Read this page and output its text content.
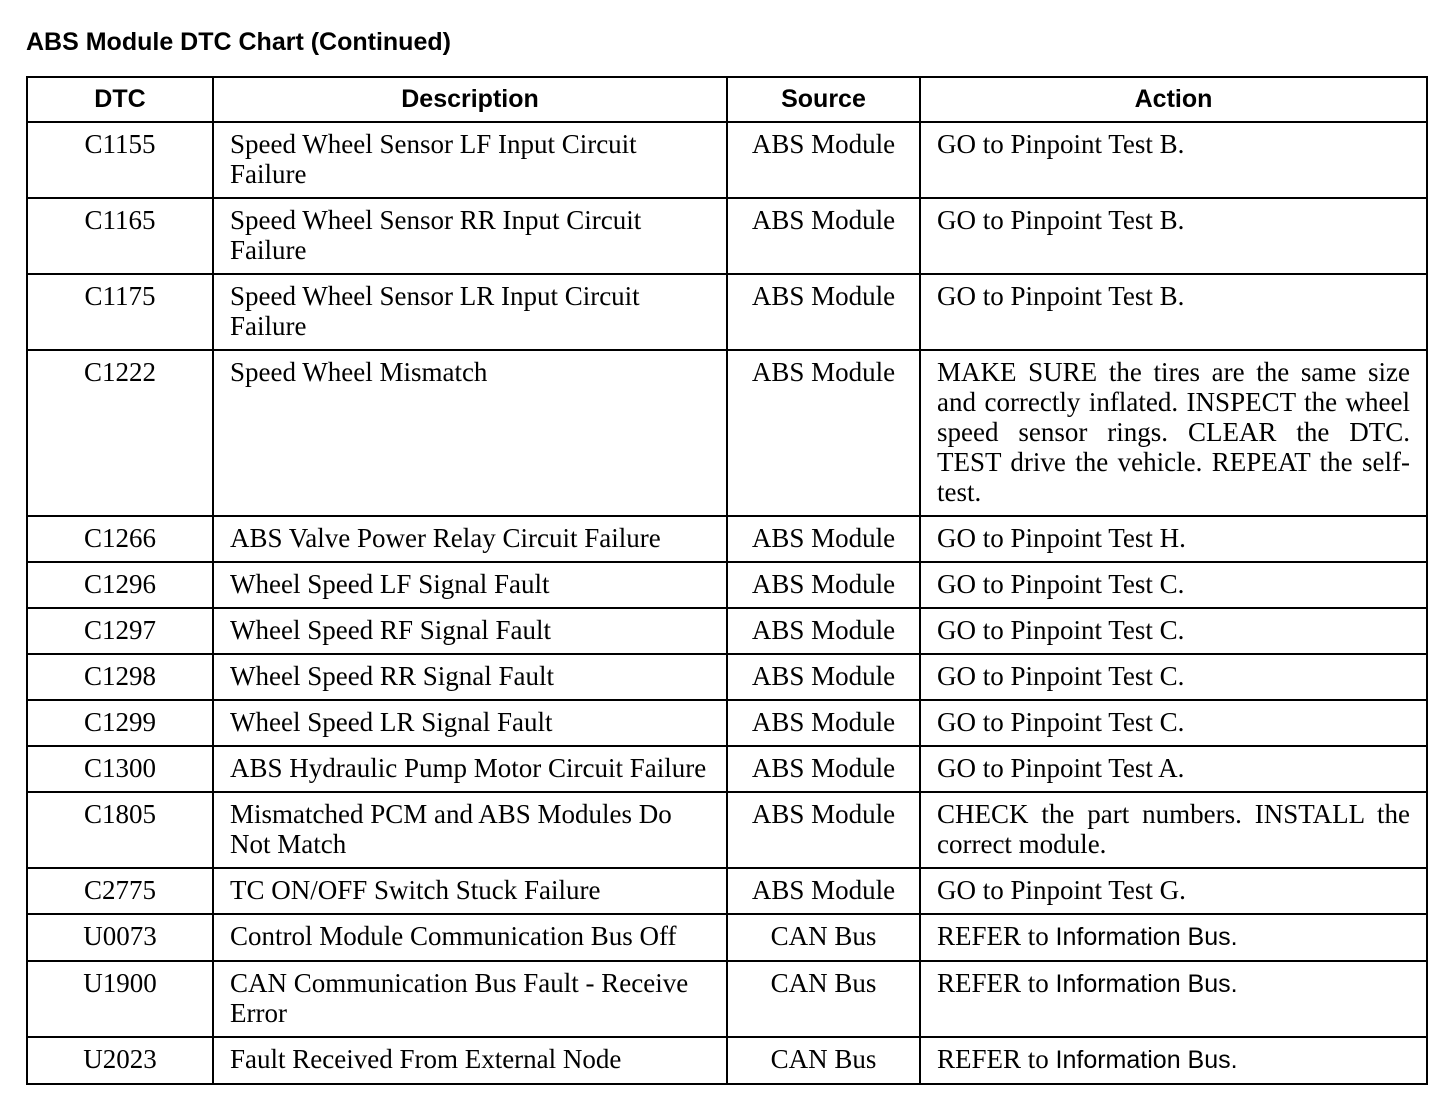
ABS Module DTC Chart (Continued)
DTC	Description	Source	Action
C1155	Speed Wheel Sensor LF Input Circuit Failure	ABS Module	GO to Pinpoint Test B.
C1165	Speed Wheel Sensor RR Input Circuit Failure	ABS Module	GO to Pinpoint Test B.
C1175	Speed Wheel Sensor LR Input Circuit Failure	ABS Module	GO to Pinpoint Test B.
C1222	Speed Wheel Mismatch	ABS Module	MAKE SURE the tires are the same size and correctly inflated. INSPECT the wheel speed sensor rings. CLEAR the DTC. TEST drive the vehicle. REPEAT the self-test.
C1266	ABS Valve Power Relay Circuit Failure	ABS Module	GO to Pinpoint Test H.
C1296	Wheel Speed LF Signal Fault	ABS Module	GO to Pinpoint Test C.
C1297	Wheel Speed RF Signal Fault	ABS Module	GO to Pinpoint Test C.
C1298	Wheel Speed RR Signal Fault	ABS Module	GO to Pinpoint Test C.
C1299	Wheel Speed LR Signal Fault	ABS Module	GO to Pinpoint Test C.
C1300	ABS Hydraulic Pump Motor Circuit Failure	ABS Module	GO to Pinpoint Test A.
C1805	Mismatched PCM and ABS Modules Do Not Match	ABS Module	CHECK the part numbers. INSTALL the correct module.
C2775	TC ON/OFF Switch Stuck Failure	ABS Module	GO to Pinpoint Test G.
U0073	Control Module Communication Bus Off	CAN Bus	REFER to Information Bus.
U1900	CAN Communication Bus Fault - Receive Error	CAN Bus	REFER to Information Bus.
U2023	Fault Received From External Node	CAN Bus	REFER to Information Bus.
